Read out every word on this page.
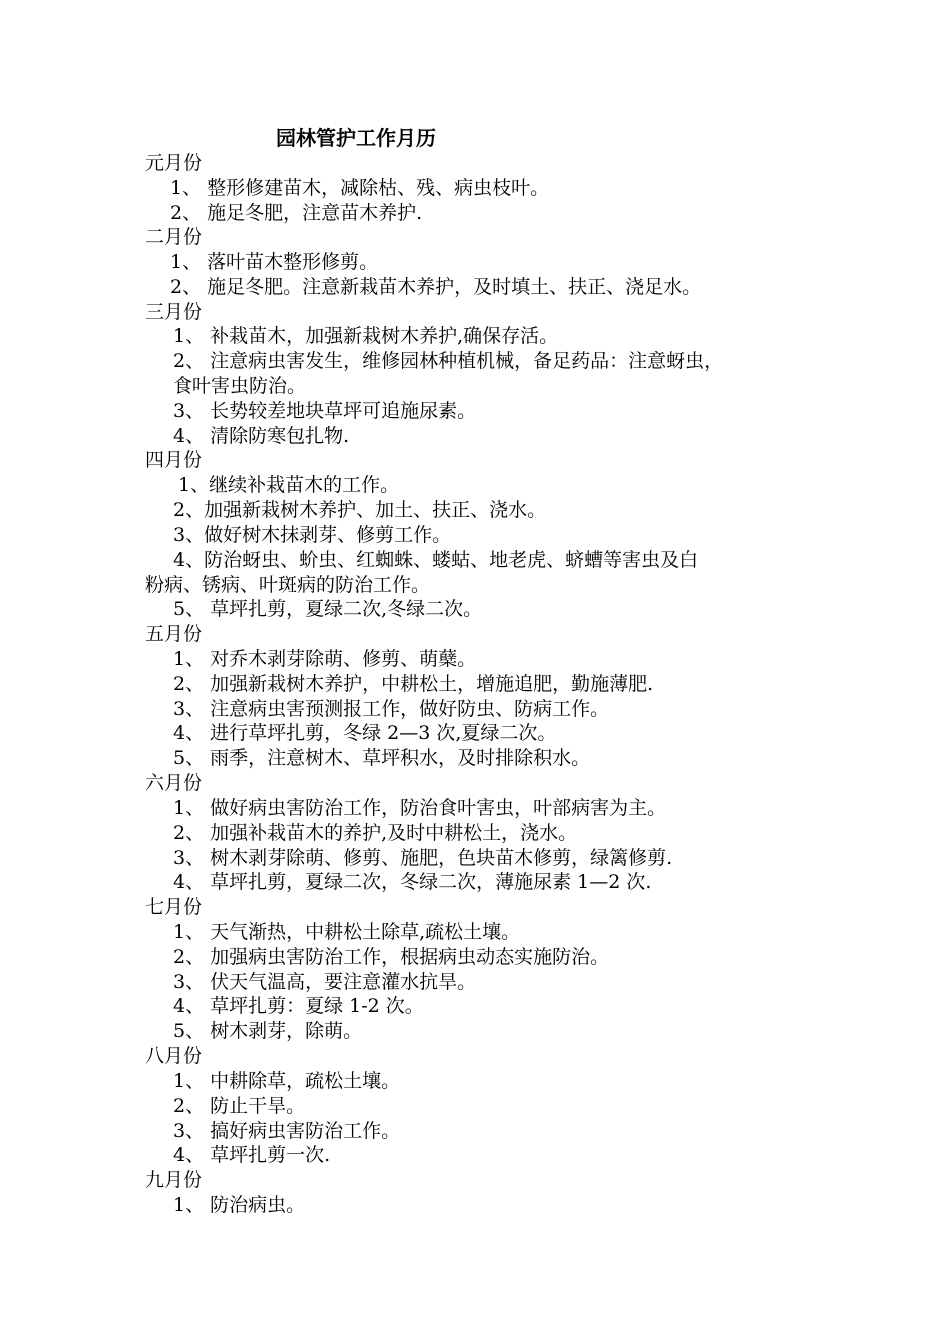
园林管护工作月历
元月份
1、 整形修建苗木，减除枯、残、病虫枝叶。
2、 施足冬肥，注意苗木养护.
二月份
1、 落叶苗木整形修剪。
2、 施足冬肥。注意新栽苗木养护，及时填土、扶正、浇足水。
三月份
1、 补栽苗木，加强新栽树木养护,确保存活。
2、 注意病虫害发生，维修园林种植机械，备足药品：注意蚜虫，
食叶害虫防治。
3、 长势较差地块草坪可追施尿素。
4、 清除防寒包扎物.
四月份
1、继续补栽苗木的工作。
2、加强新栽树木养护、加土、扶正、浇水。
3、做好树木抹剥芽、修剪工作。
4、防治蚜虫、蚧虫、红蜘蛛、蝼蛄、地老虎、蛴螬等害虫及白
粉病、锈病、叶斑病的防治工作。
5、 草坪扎剪，夏绿二次,冬绿二次。
五月份
1、 对乔木剥芽除萌、修剪、萌蘖。
2、 加强新栽树木养护，中耕松土，增施追肥，勤施薄肥.
3、 注意病虫害预测报工作，做好防虫、防病工作。
4、 进行草坪扎剪，冬绿 2—3 次,夏绿二次。
5、 雨季，注意树木、草坪积水，及时排除积水。
六月份
1、 做好病虫害防治工作，防治食叶害虫，叶部病害为主。
2、 加强补栽苗木的养护,及时中耕松土，浇水。
3、 树木剥芽除萌、修剪、施肥，色块苗木修剪，绿篱修剪.
4、 草坪扎剪，夏绿二次，冬绿二次，薄施尿素 1—2 次.
七月份
1、 天气渐热，中耕松土除草,疏松土壤。
2、 加强病虫害防治工作，根据病虫动态实施防治。
3、 伏天气温高，要注意灌水抗旱。
4、 草坪扎剪：夏绿 1-2 次。
5、 树木剥芽，除萌。
八月份
1、 中耕除草，疏松土壤。
2、 防止干旱。
3、 搞好病虫害防治工作。
4、 草坪扎剪一次.
九月份
1、 防治病虫。
